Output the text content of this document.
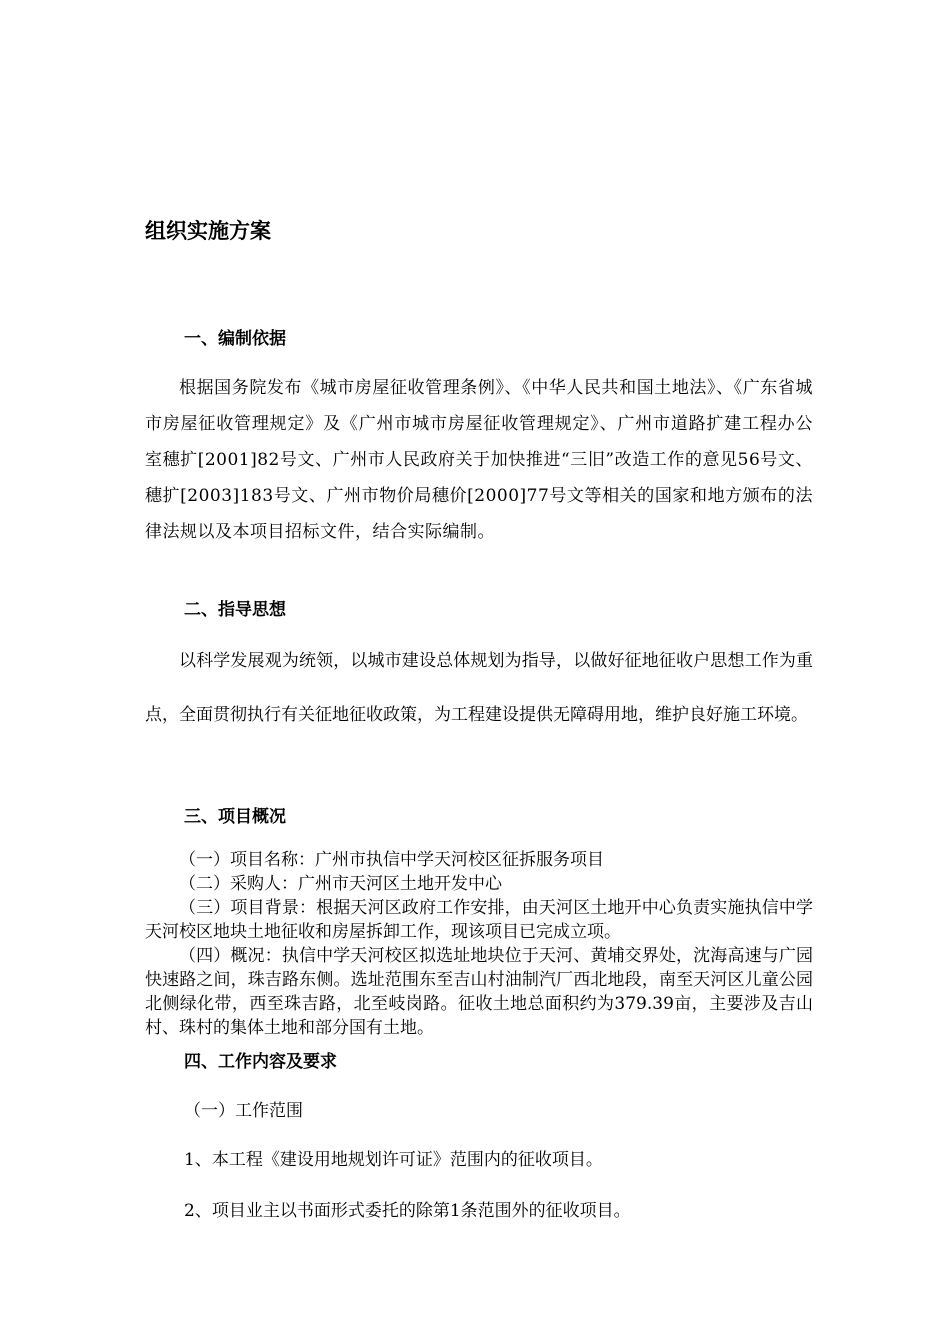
组织实施方案
一、编制依据

根据国务院发布《城市房屋征收管理条例》、《中华人民共和国土地法》、《广东省城市房屋征收管理规定》及《广州市城市房屋征收管理规定》、广州市道路扩建工程办公室穗扩[2001]82号文、广州市人民政府关于加快推进“三旧”改造工作的意见56号文、穗扩[2003]183号文、广州市物价局穗价[2000]77号文等相关的国家和地方颁布的法律法规以及本项目招标文件，结合实际编制。

二、指导思想

以科学发展观为统领，以城市建设总体规划为指导，以做好征地征收户思想工作为重点，全面贯彻执行有关征地征收政策，为工程建设提供无障碍用地，维护良好施工环境。

三、项目概况
（一）项目名称：广州市执信中学天河校区征拆服务项目
（二）采购人：广州市天河区土地开发中心
（三）项目背景：根据天河区政府工作安排，由天河区土地开中心负责实施执信中学天河校区地块土地征收和房屋拆卸工作，现该项目已完成立项。
（四）概况：执信中学天河校区拟选址地块位于天河、黄埔交界处，沈海高速与广园快速路之间，珠吉路东侧。选址范围东至吉山村油制汽厂西北地段，南至天河区儿童公园北侧绿化带，西至珠吉路，北至岐岗路。征收土地总面积约为379.39亩，主要涉及吉山村、珠村的集体土地和部分国有土地。
四、工作内容及要求

（一）工作范围

1、本工程《建设用地规划许可证》范围内的征收项目。

2、项目业主以书面形式委托的除第1条范围外的征收项目。
